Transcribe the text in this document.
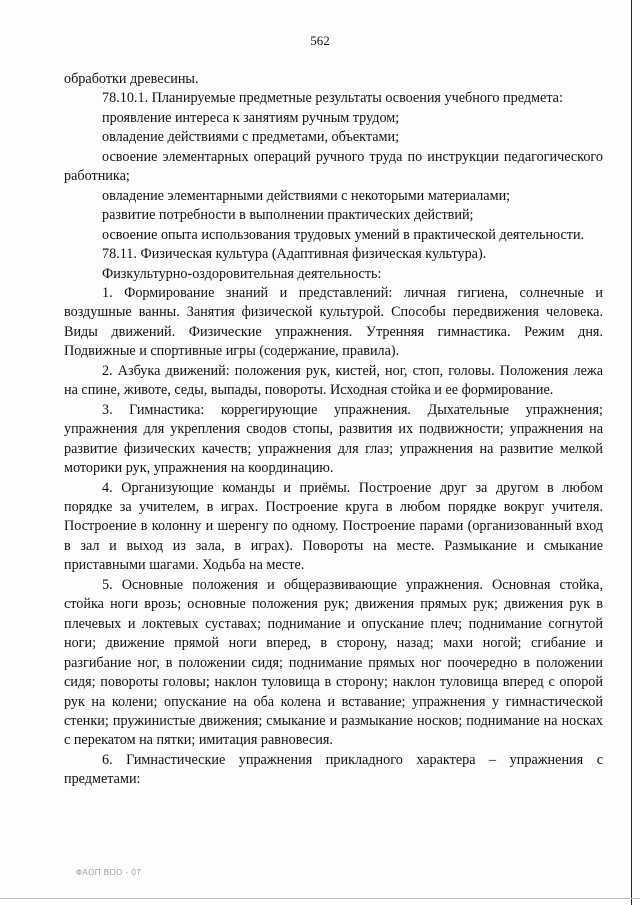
562

обработки древесины.

78.10.1. Планируемые предметные результаты освоения учебного предмета:

проявление интереса к занятиям ручным трудом;

овладение действиями с предметами, объектами;

освоение элементарных операций ручного труда по инструкции педагогического работника;

овладение элементарными действиями с некоторыми материалами;

развитие потребности в выполнении практических действий;

освоение опыта использования трудовых умений в практической деятельности.

78.11. Физическая культура (Адаптивная физическая культура).

Физкультурно-оздоровительная деятельность:

1. Формирование знаний и представлений: личная гигиена, солнечные и воздушные ванны. Занятия физической культурой. Способы передвижения человека. Виды движений. Физические упражнения. Утренняя гимнастика. Режим дня. Подвижные и спортивные игры (содержание, правила).

2. Азбука движений: положения рук, кистей, ног, стоп, головы. Положения лежа на спине, животе, седы, выпады, повороты. Исходная стойка и ее формирование.

3. Гимнастика: коррегирующие упражнения. Дыхательные упражнения; упражнения для укрепления сводов стопы, развития их подвижности; упражнения на развитие физических качеств; упражнения для глаз; упражнения на развитие мелкой моторики рук, упражнения на координацию.

4. Организующие команды и приёмы. Построение друг за другом в любом порядке за учителем, в играх. Построение круга в любом порядке вокруг учителя. Построение в колонну и шеренгу по одному. Построение парами (организованный вход в зал и выход из зала, в играх). Повороты на месте. Размыкание и смыкание приставными шагами. Ходьба на месте.

5. Основные положения и общеразвивающие упражнения. Основная стойка, стойка ноги врозь; основные положения рук; движения прямых рук; движения рук в плечевых и локтевых суставах; поднимание и опускание плеч; поднимание согнутой ноги; движение прямой ноги вперед, в сторону, назад; махи ногой; сгибание и разгибание ног, в положении сидя; поднимание прямых ног поочередно в положении сидя; повороты головы; наклон туловища в сторону; наклон туловища вперед с опорой рук на колени; опускание на оба колена и вставание; упражнения у гимнастической стенки; пружинистые движения; смыкание и размыкание носков; поднимание на носках с перекатом на пятки; имитация равновесия.

6. Гимнастические упражнения прикладного характера – упражнения с предметами:

ФАОП ВОО - 07
